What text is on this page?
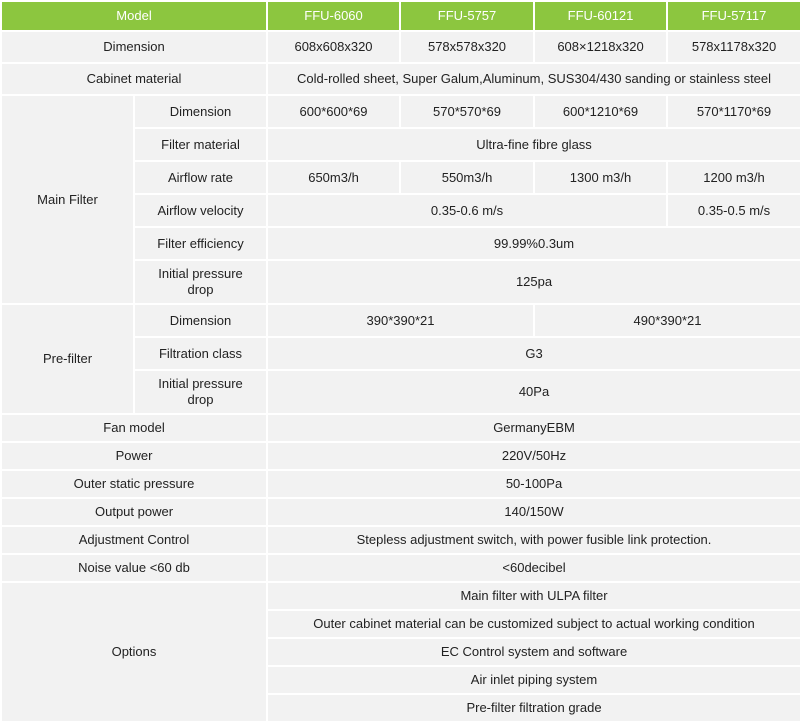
Model		FFU-6060	FFU-5757	FFU-60121	FFU-57117
Dimension		608x608x320	578x578x320	608×1218x320	578x1178x320
Cabinet material		Cold-rolled sheet, Super Galum,Aluminum, SUS304/430 sanding or stainless steel			
Main Filter	Dimension	600*600*69	570*570*69	600*1210*69	570*1170*69
	Filter material	Ultra-fine fibre glass			
	Airflow rate	650m3/h	550m3/h	1300 m3/h	1200 m3/h
	Airflow velocity	0.35-0.6 m/s			0.35-0.5 m/s
	Filter efficiency	99.99%0.3um			
	Initial pressure
drop	125pa			
Pre-filter	Dimension	390*390*21		490*390*21	
	Filtration class	G3			
	Initial pressure
drop	40Pa			
Fan model		GermanyEBM			
Power		220V/50Hz			
Outer static pressure		50-100Pa			
Output power		140/150W			
Adjustment Control		Stepless adjustment switch, with power fusible link protection.			
Noise value <60 db		<60decibel			
Options		Main filter with ULPA filter			
		Outer cabinet material can be customized subject to actual working condition			
		EC Control system and software			
		Air inlet piping system			
		Pre-filter filtration grade			
